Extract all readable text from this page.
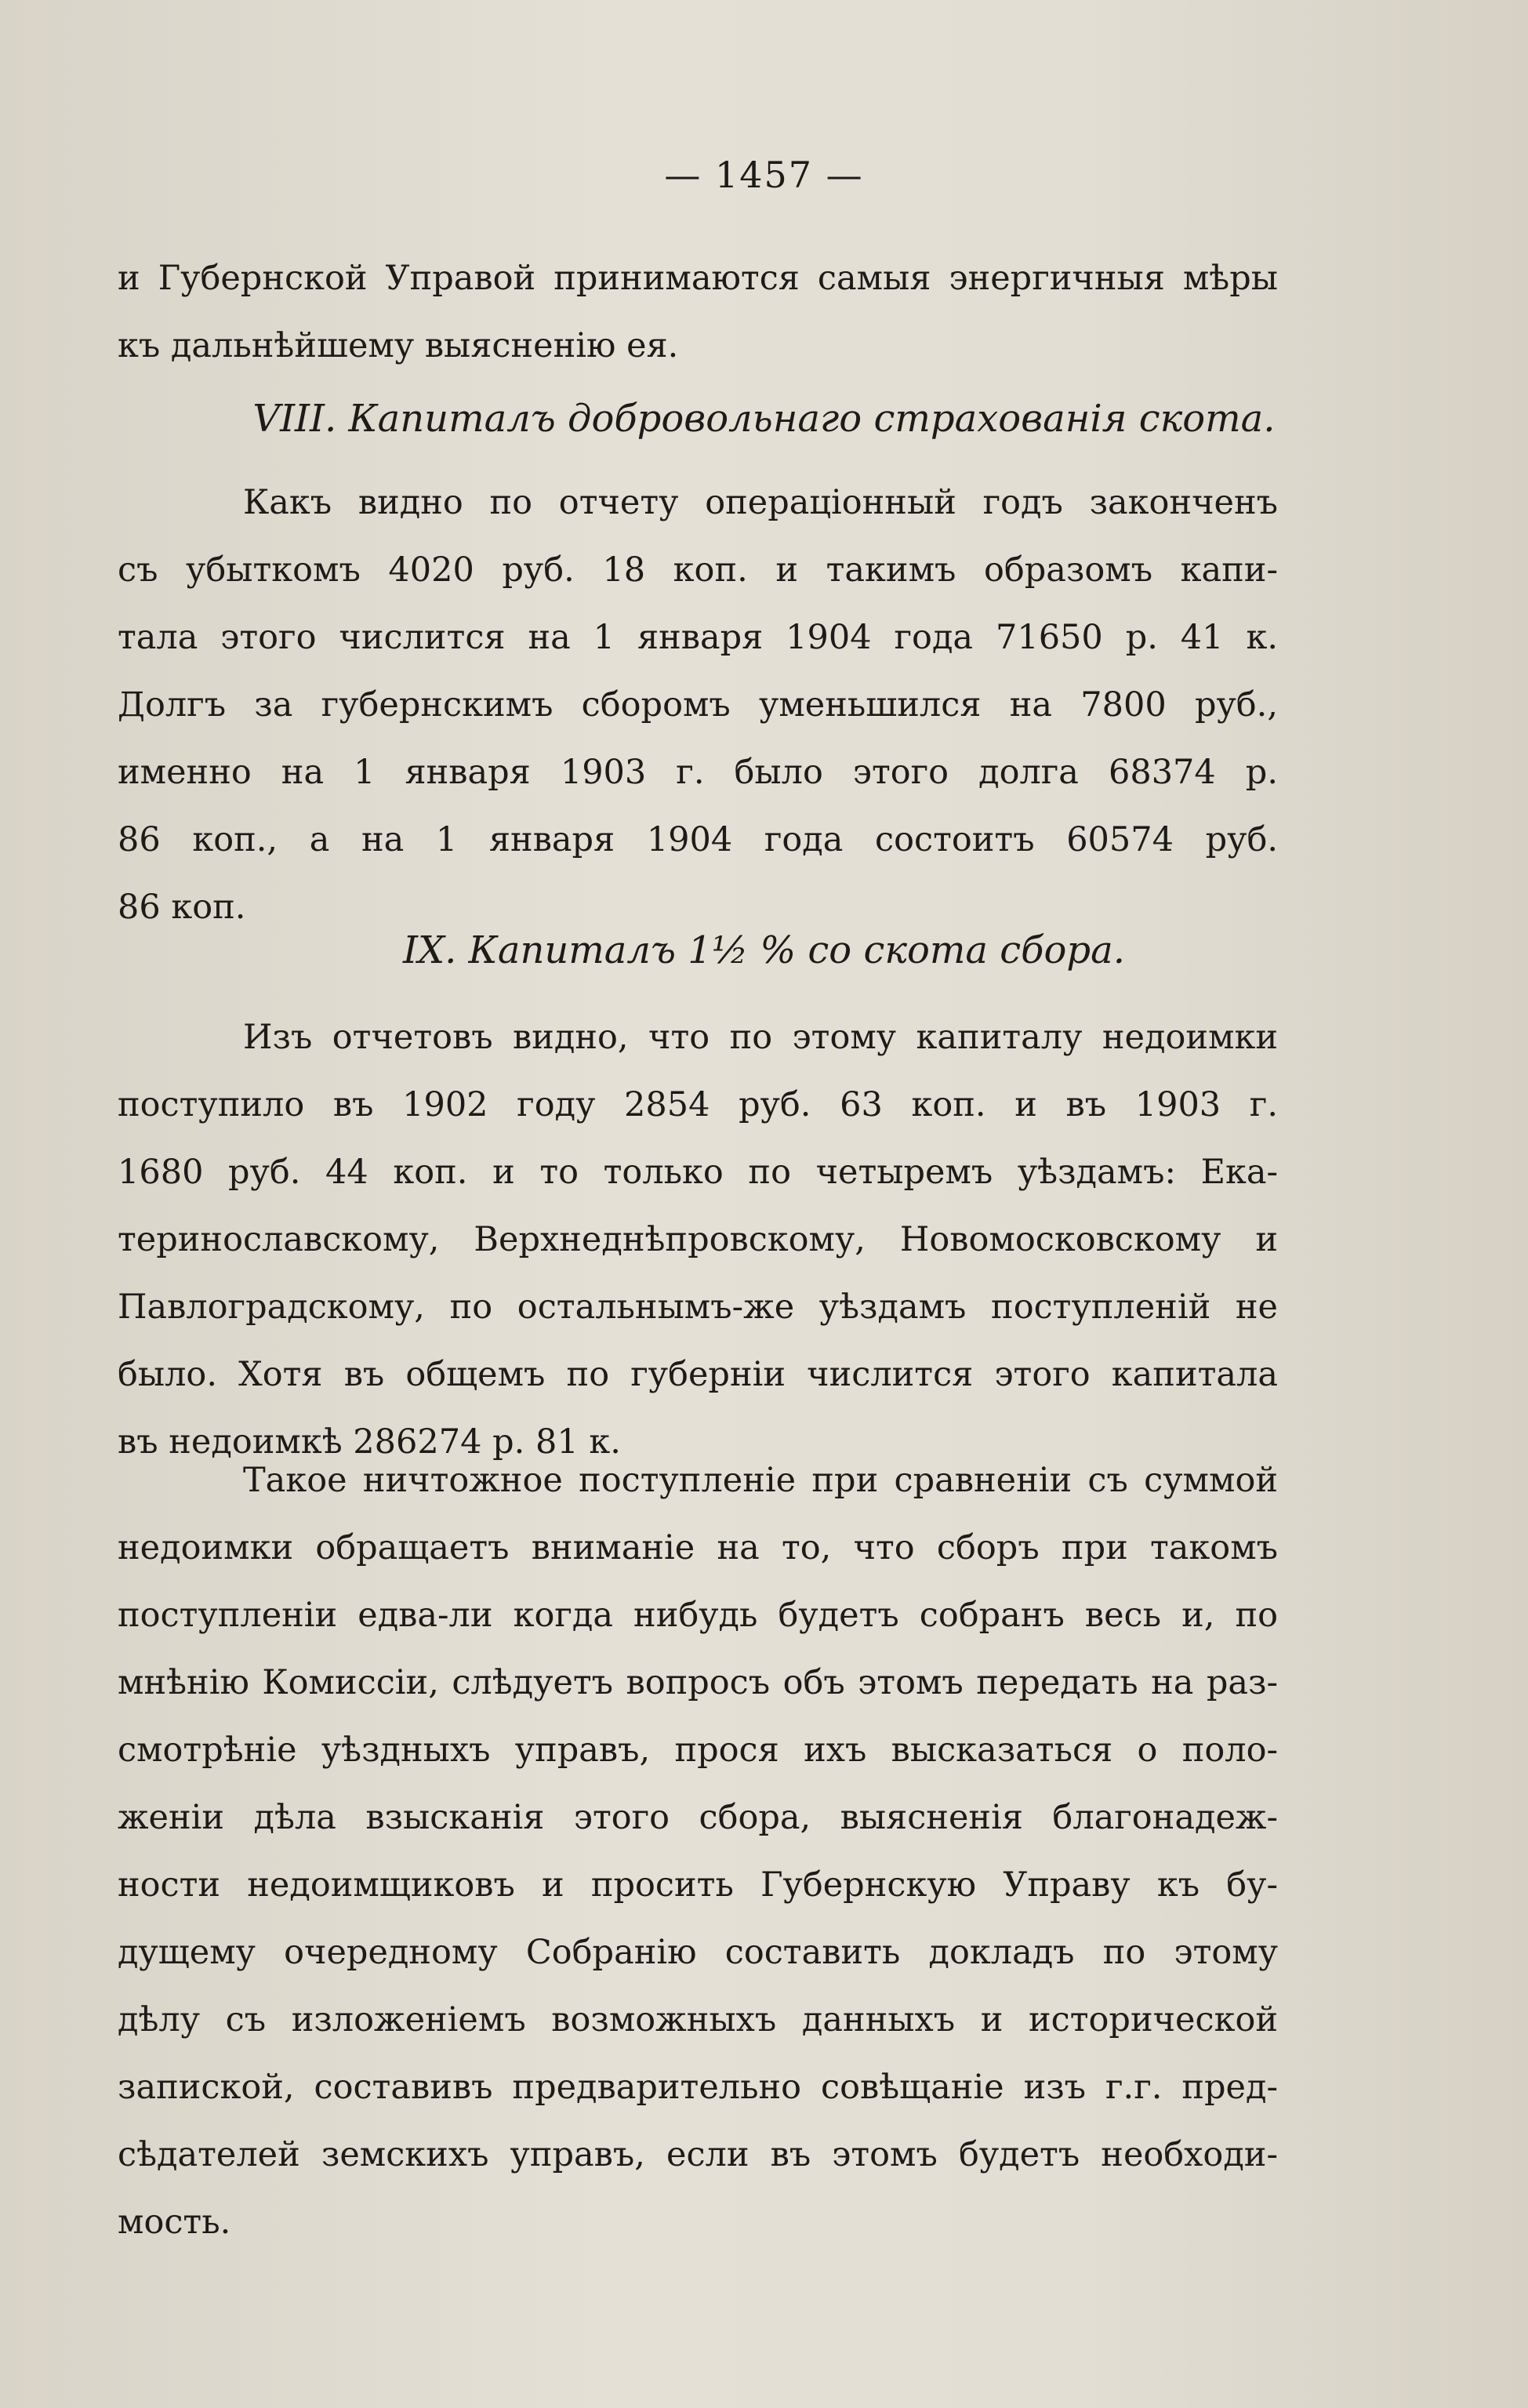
— 1457 —
и Губернской Управой принимаются самыя энергичныя мѣры
къ дальнѣйшему выясненію ея.
VIII. Капиталъ добровольнаго страхованія скота.
Какъ видно по отчету операціонный годъ законченъ
съ убыткомъ 4020 руб. 18 коп. и такимъ образомъ капи-
тала этого числится на 1 января 1904 года 71650 р. 41 к.
Долгъ за губернскимъ сборомъ уменьшился на 7800 руб.,
именно на 1 января 1903 г. было этого долга 68374 р.
86 коп., а на 1 января 1904 года состоитъ 60574 руб.
86 коп.
IX. Капиталъ 1½ % со скота сбора.
Изъ отчетовъ видно, что по этому капиталу недоимки
поступило въ 1902 году 2854 руб. 63 коп. и въ 1903 г.
1680 руб. 44 коп. и то только по четыремъ уѣздамъ: Ека-
теринославскому, Верхнеднѣпровскому, Новомосковскому и
Павлоградскому, по остальнымъ-же уѣздамъ поступленій не
было. Хотя въ общемъ по губерніи числится этого капитала
въ недоимкѣ 286274 р. 81 к.
Такое ничтожное поступленіе при сравненіи съ суммой
недоимки обращаетъ вниманіе на то, что сборъ при такомъ
поступленіи едва-ли когда нибудь будетъ собранъ весь и, по
мнѣнію Комиссіи, слѣдуетъ вопросъ объ этомъ передать на раз-
смотрѣніе уѣздныхъ управъ, прося ихъ высказаться о поло-
женіи дѣла взысканія этого сбора, выясненія благонадеж-
ности недоимщиковъ и просить Губернскую Управу къ бу-
дущему очередному Собранію составить докладъ по этому
дѣлу съ изложеніемъ возможныхъ данныхъ и исторической
запиской, составивъ предварительно совѣщаніе изъ г.г. пред-
сѣдателей земскихъ управъ, если въ этомъ будетъ необходи-
мость.
